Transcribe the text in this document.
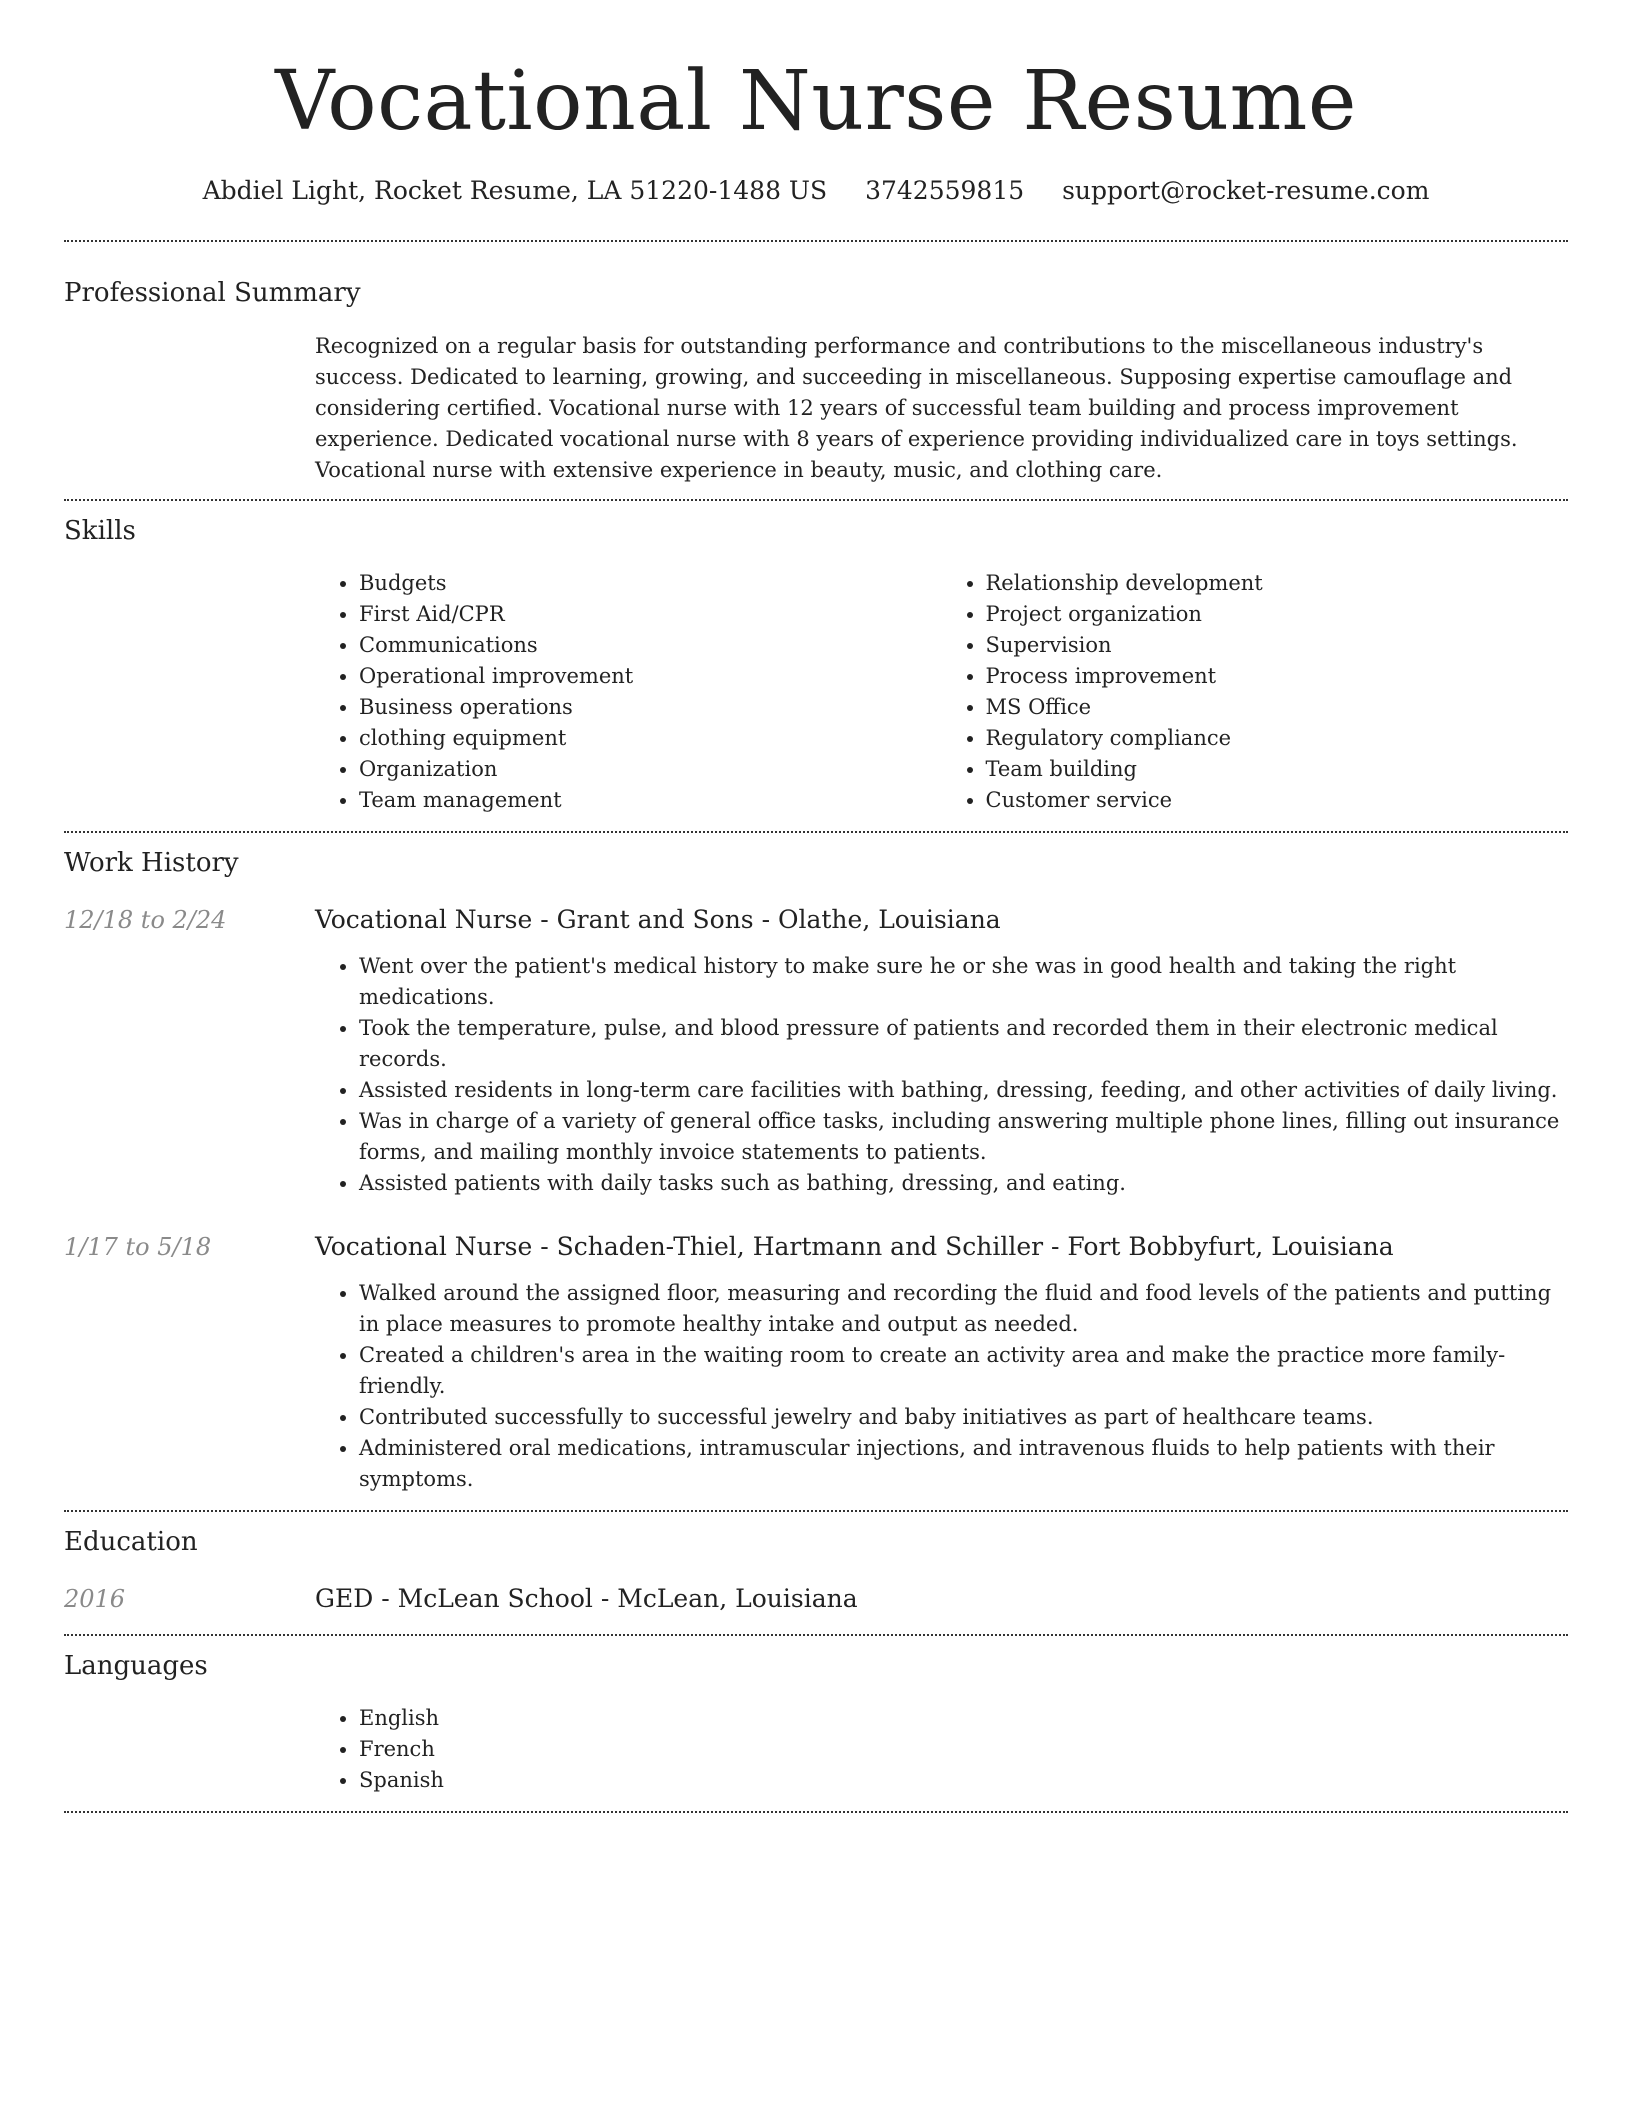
Vocational Nurse Resume
Abdiel Light, Rocket Resume, LA 51220-1488 US 3742559815 support@rocket-resume.com
Professional Summary

Recognized on a regular basis for outstanding performance and contributions to the miscellaneous industry's success. Dedicated to learning, growing, and succeeding in miscellaneous. Supposing expertise camouflage and considering certified. Vocational nurse with 12 years of successful team building and process improvement experience. Dedicated vocational nurse with 8 years of experience providing individualized care in toys settings. Vocational nurse with extensive experience in beauty, music, and clothing care.

Skills
• Budgets
• First Aid/CPR
• Communications
• Operational improvement
• Business operations
• clothing equipment
• Organization
• Team management
• Relationship development
• Project organization
• Supervision
• Process improvement
• MS Office
• Regulatory compliance
• Team building
• Customer service
Work History
12/18 to 2/24	Vocational Nurse - Grant and Sons - Olathe, Louisiana
• Went over the patient's medical history to make sure he or she was in good health and taking the right medications.
• Took the temperature, pulse, and blood pressure of patients and recorded them in their electronic medical records.
• Assisted residents in long-term care facilities with bathing, dressing, feeding, and other activities of daily living.
• Was in charge of a variety of general office tasks, including answering multiple phone lines, filling out insurance forms, and mailing monthly invoice statements to patients.
• Assisted patients with daily tasks such as bathing, dressing, and eating.
1/17 to 5/18	Vocational Nurse - Schaden-Thiel, Hartmann and Schiller - Fort Bobbyfurt, Louisiana
• Walked around the assigned floor, measuring and recording the fluid and food levels of the patients and putting in place measures to promote healthy intake and output as needed.
• Created a children's area in the waiting room to create an activity area and make the practice more family-friendly.
• Contributed successfully to successful jewelry and baby initiatives as part of healthcare teams.
• Administered oral medications, intramuscular injections, and intravenous fluids to help patients with their symptoms.
Education
2016	GED - McLean School - McLean, Louisiana
Languages
• English
• French
• Spanish
